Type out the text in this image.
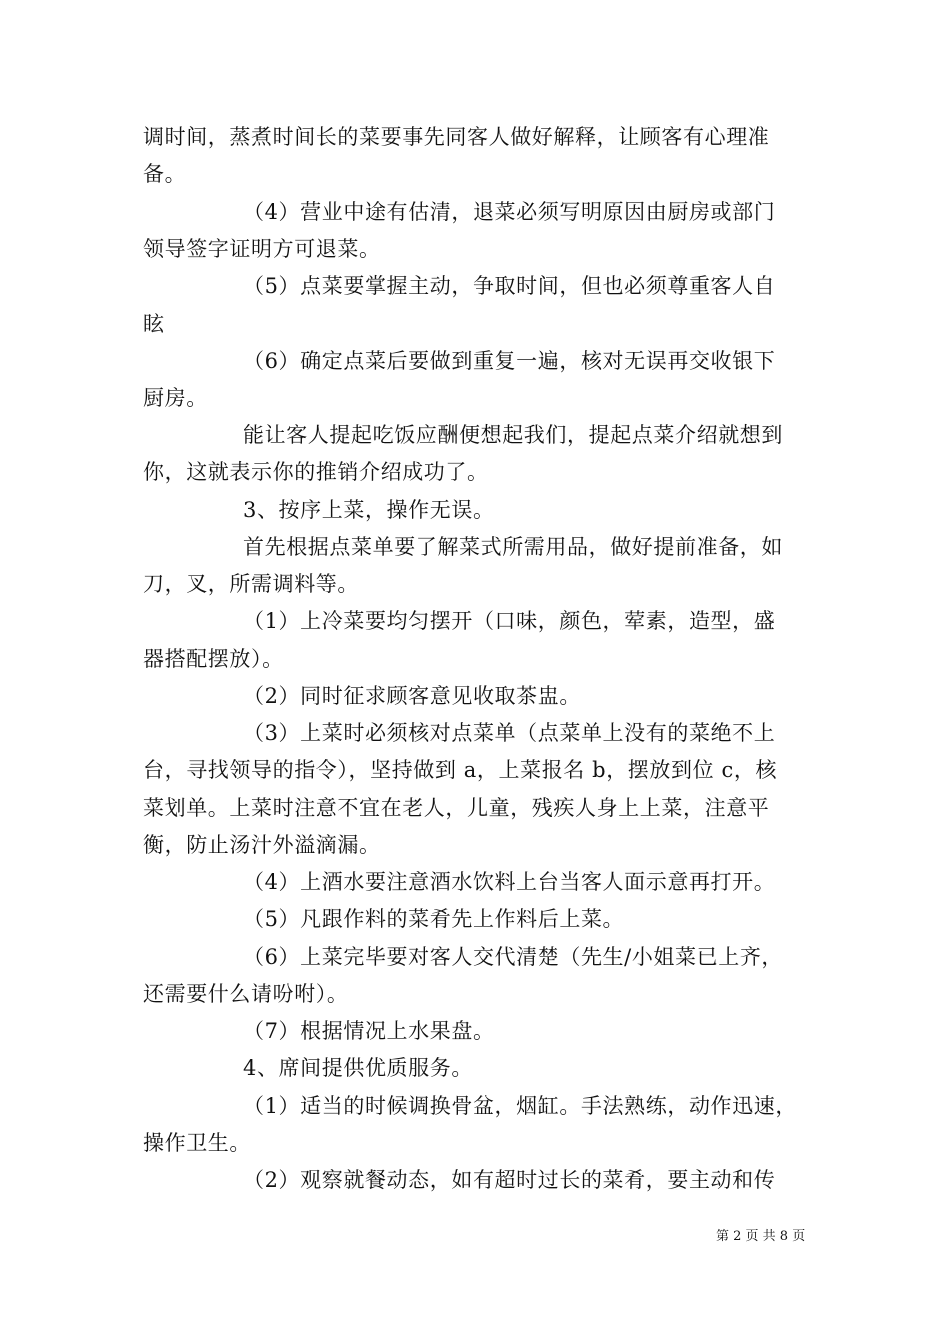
调时间，蒸煮时间长的菜要事先同客人做好解释，让顾客有心理准
备。
（4）营业中途有估清，退菜必须写明原因由厨房或部门
领导签字证明方可退菜。
（5）点菜要掌握主动，争取时间，但也必须尊重客人自
眩
（6）确定点菜后要做到重复一遍，核对无误再交收银下
厨房。
能让客人提起吃饭应酬便想起我们，提起点菜介绍就想到
你，这就表示你的推销介绍成功了。
3、按序上菜，操作无误。
首先根据点菜单要了解菜式所需用品，做好提前准备，如
刀，叉，所需调料等。
（1）上冷菜要均匀摆开（口味，颜色，荤素，造型，盛
器搭配摆放）。
（2）同时征求顾客意见收取茶盅。
（3）上菜时必须核对点菜单（点菜单上没有的菜绝不上
台，寻找领导的指令），坚持做到 a，上菜报名 b，摆放到位 c，核
菜划单。上菜时注意不宜在老人，儿童，残疾人身上上菜，注意平
衡，防止汤汁外溢滴漏。
（4）上酒水要注意酒水饮料上台当客人面示意再打开。
（5）凡跟作料的菜肴先上作料后上菜。
（6）上菜完毕要对客人交代清楚（先生/小姐菜已上齐，
还需要什么请吩咐）。
（7）根据情况上水果盘。
4、席间提供优质服务。
（1）适当的时候调换骨盆，烟缸。手法熟练，动作迅速，
操作卫生。
（2）观察就餐动态，如有超时过长的菜肴，要主动和传
第 2 页 共 8 页
